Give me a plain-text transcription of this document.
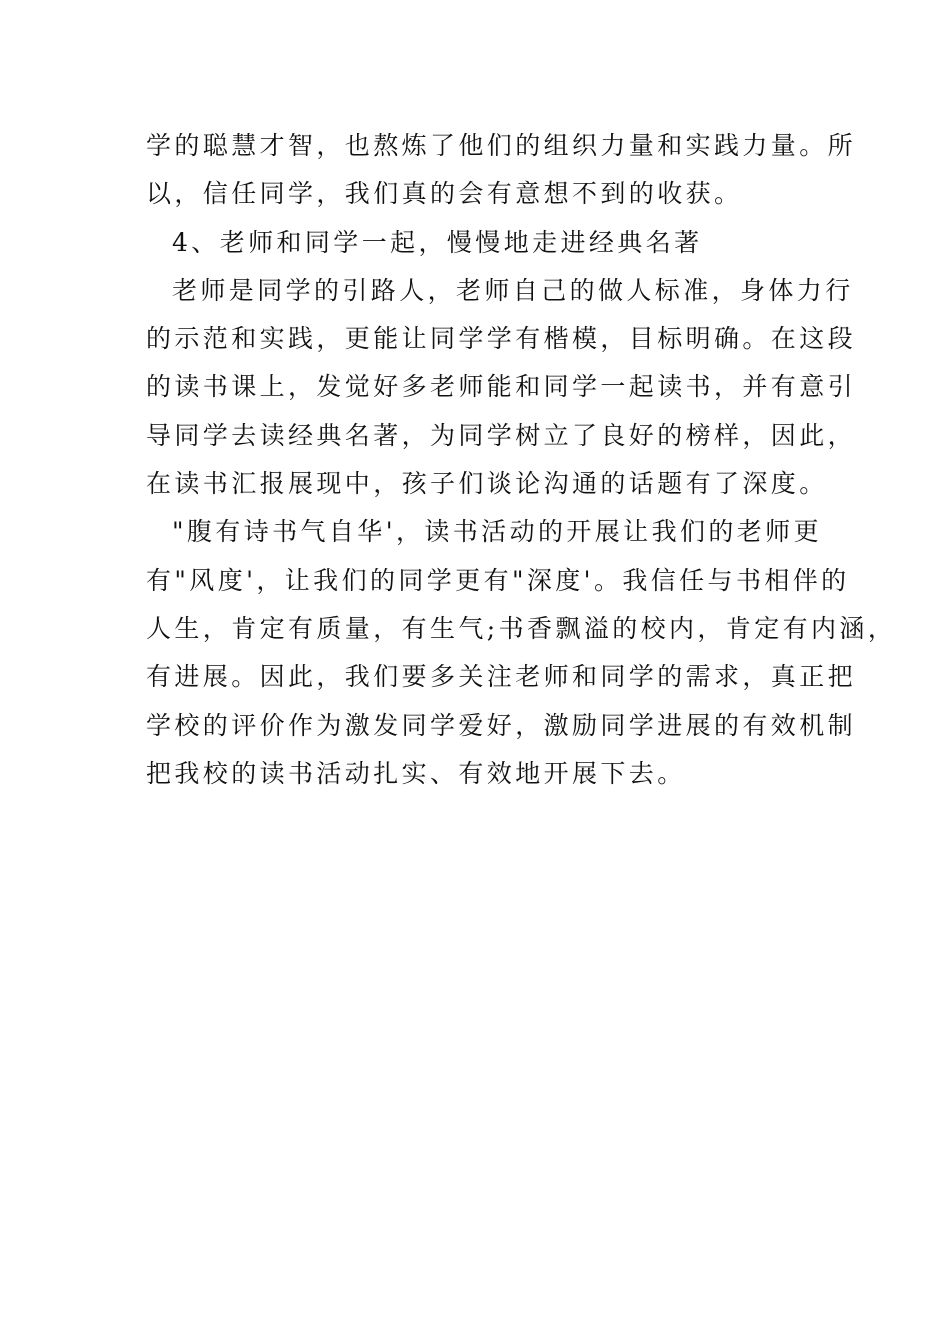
学的聪慧才智，也熬炼了他们的组织力量和实践力量。所
以，信任同学，我们真的会有意想不到的收获。
4、老师和同学一起，慢慢地走进经典名著
老师是同学的引路人，老师自己的做人标准，身体力行
的示范和实践，更能让同学学有楷模，目标明确。在这段
的读书课上，发觉好多老师能和同学一起读书，并有意引
导同学去读经典名著，为同学树立了良好的榜样，因此，
在读书汇报展现中，孩子们谈论沟通的话题有了深度。
"腹有诗书气自华'，读书活动的开展让我们的老师更
有"风度'，让我们的同学更有"深度'。我信任与书相伴的
人生，肯定有质量，有生气;书香飘溢的校内，肯定有内涵，
有进展。因此，我们要多关注老师和同学的需求，真正把
学校的评价作为激发同学爱好，激励同学进展的有效机制
把我校的读书活动扎实、有效地开展下去。
